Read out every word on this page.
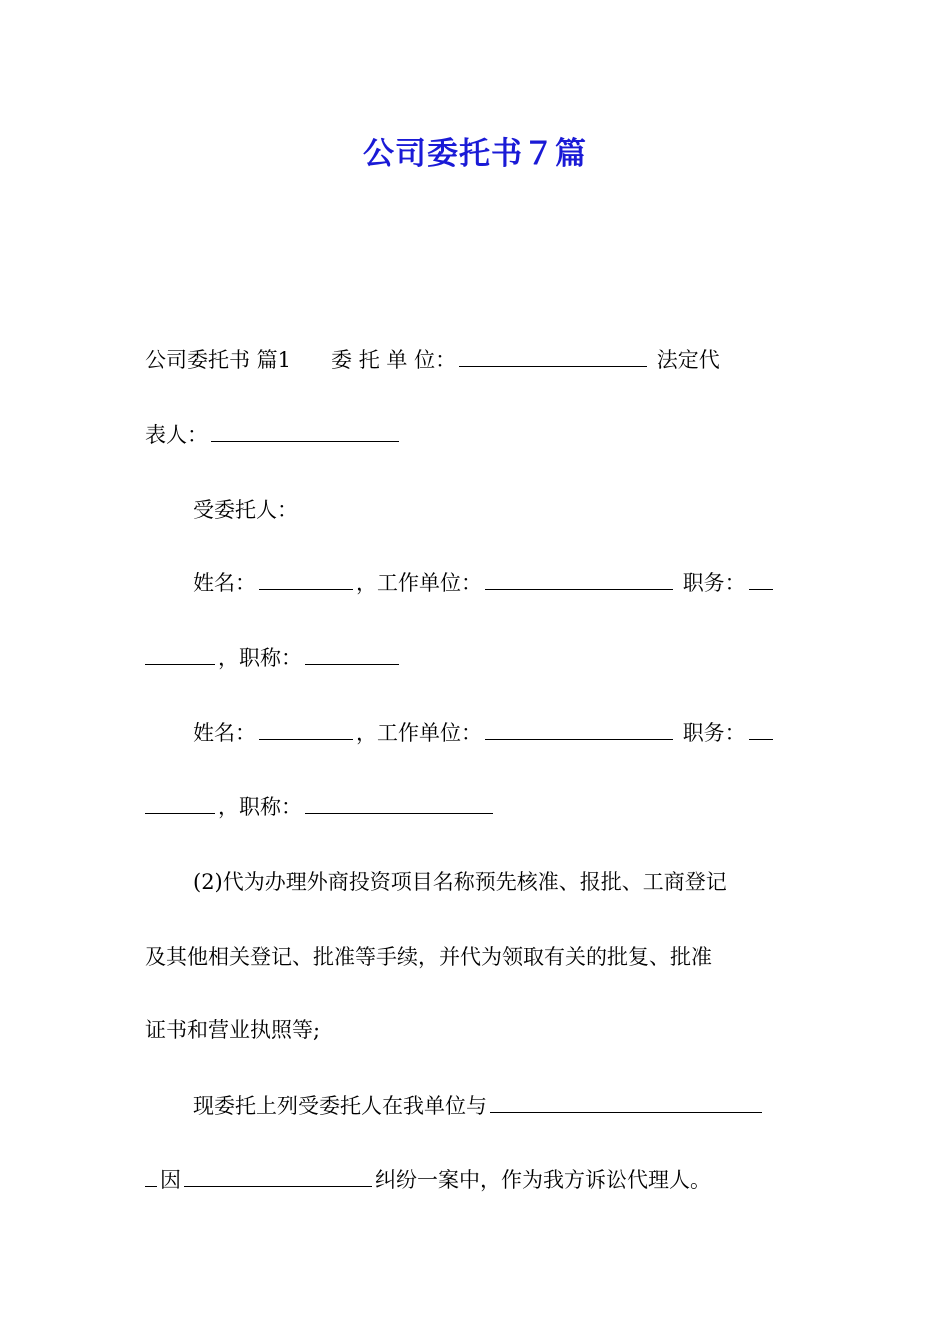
公司委托书７篇
公司委托书 篇1 委 托 单 位：	法定代
表人：
受委托人：
姓名：	，工作单位：	职务：
，职称：
姓名：	，工作单位：	职务：
，职称：
(2)代为办理外商投资项目名称预先核准、报批、工商登记
及其他相关登记、批准等手续，并代为领取有关的批复、批准
证书和营业执照等;
现委托上列受委托人在我单位与
因	纠纷一案中，作为我方诉讼代理人。
